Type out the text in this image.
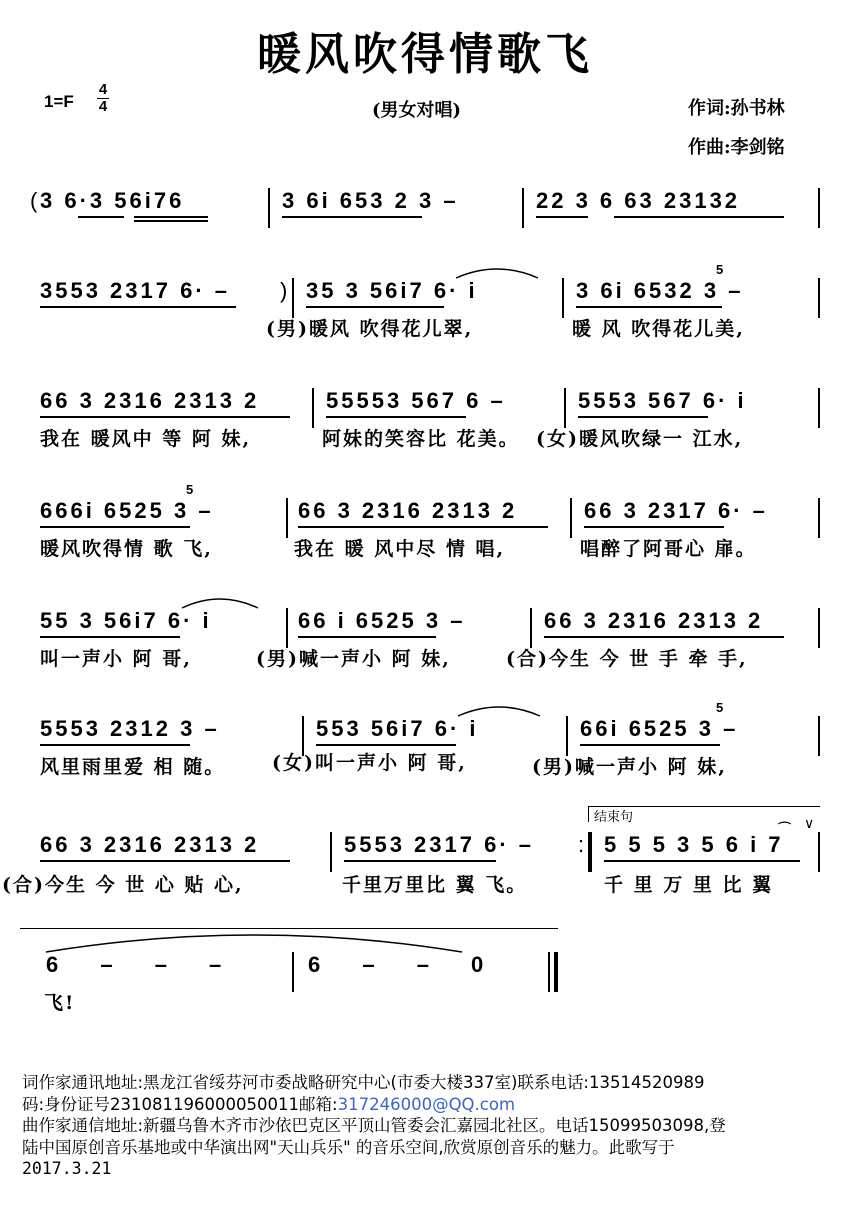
暖风吹得情歌飞
1=F
4
4	(男女对唱)	作词:孙书林
作曲:李剑铭
( 3 6·3 56i76	3 6i 653 2 3 –	22 3 6 63 23132
3553 2317 6· – ) 35 3 56i7 6· i	3 6i 6532 3 –
5
(男)暖风 吹得花儿翠,	暖 风 吹得花儿美,
66 3 2316 2313 2	55553 567 6 –	5553 567 6· i
我在 暖风中 等 阿 妹,	阿妹的笑容比 花美。 (女)暖风吹绿一 江水,
666i 6525 3 –
5
66 3 2316 2313 2	66 3 2317 6· –
暖风吹得情 歌 飞,	我在 暖 风中尽 情 唱,	唱醉了阿哥心 扉。
55 3 56i7 6· i	66 i 6525 3 –	66 3 2316 2313 2
叫一声小 阿 哥,	(男)喊一声小 阿 妹,	(合)今生 今 世 手 牵 手,
5553 2312 3 –	553 56i7 6· i	66i 6525 3 –
5
风里雨里爱 相 随。 (女)叫一声小 阿 哥,	(男)喊一声小 阿 妹,
结束句
66 3 2316 2313 2	5553 2317 6· – : 5 5 5 3 5 6 i 7
∨
⌒
(合)今生 今 世 心 贴 心,	千里万里比 翼 飞。	千 里 万 里 比 翼
6 – – –	6 – – 0
飞!

词作家通讯地址:黑龙江省绥芬河市委战略研究中心(市委大楼337室)联系电话:13514520989

码:身份证号231081196000050011邮箱:317246000@QQ.com

曲作家通信地址:新疆乌鲁木齐市沙依巴克区平顶山管委会汇嘉园北社区。电话15099503098,登

陆中国原创音乐基地或中华演出网"天山兵乐" 的音乐空间,欣赏原创音乐的魅力。此歌写于

2017.3.21
